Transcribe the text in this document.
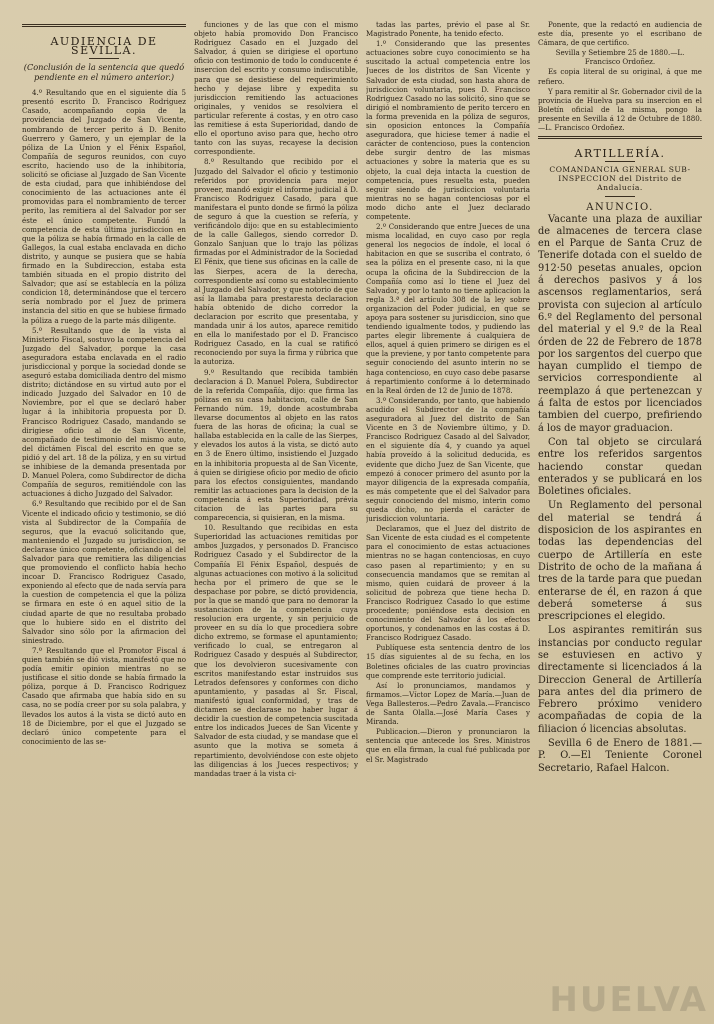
AUDIENCIA DE SEVILLA.
(Conclusión de la sentencia que quedó pendiente en el número anterior.)

4.º Resultando que en el siguiente día 5 presentó escrito D. Francisco Rodriguez Casado, acompañando copia de la providencia del Juzgado de San Vicente, nombrando de tercer perito á D. Benito Guerrero y Gamero, y un ejemplar de la póliza de La Union y el Fénix Español, Compañía de seguros reunidos, con cuyo escrito, haciendo uso de la inhibitoria, solicitó se oficiase al Juzgado de San Vicente de esta ciudad, para que inhibiéndose del conocimiento de las actuaciones ante él promovidas para el nombramiento de tercer perito, las remitiera al del Salvador por ser éste el único competente. Fundó la competencia de esta última jurisdiccion en que la póliza se había firmado en la calle de Gallegos, la cual estaba enclavada en dicho distrito, y aunque se pusiera que se había firmado en la Subdireccion, estaba esta también situada en el propio distrito del Salvador; que así se establecía en la póliza condicion 18, determinándose que el tercero sería nombrado por el Juez de primera instancia del sitio en que se hubiese firmado la póliza a ruego de la parte más diligente.

5.º Resultando que de la vista al Ministerio Fiscal, sostuvo la competencia del Juzgado del Salvador, porque la casa aseguradora estaba enclavada en el radio jurisdiccional y porque la sociedad donde se aseguró estaba domiciliada dentro del mismo distrito; dictándose en su virtud auto por el indicado Juzgado del Salvador en 10 de Noviembre, por el que se declaró haber lugar á la inhibitoria propuesta por D. Francisco Rodriguez Casado, mandando se dirigiese oficio al de San Vicente, acompañado de testimonio del mismo auto, del dictámen Fiscal del escrito en que se pidió y del art. 18 de la póliza, y en su virtud se inhibiese de la demanda presentada por D. Manuel Polera, como Subdirector de dicha Compañía de seguros, remitiéndole con las actuaciones á dicho Juzgado del Salvador.

6.º Resultando que recibido por el de San Vicente el indicado oficio y testimonio, se dió vista al Subdirector de la Compañía de seguros, que la evacuó solicitando que, manteniendo el Juzgado su jurisdiccion, se declarase único competente, oficiando al del Salvador para que remitiera las diligencias que promoviendo el conflicto había hecho incoar D. Francisco Rodriguez Casado, exponiendo al efecto que de nada servía para la cuestion de competencia el que la póliza se firmara en este ó en aquel sitio de la ciudad aparte de que no resultaba probado que lo hubiere sido en el distrito del Salvador sino sólo por la afirmacion del siniestrado.

7.º Resultando que el Promotor Fiscal á quien también se dió vista, manifestó que no podía emitir opinion mientras no se justificase el sitio donde se había firmado la póliza, porque á D. Francisco Rodriguez Casado que afirmaba que había sido en su casa, no se podía creer por su sola palabra, y llevados los autos á la vista se dictó auto en 18 de Diciembre, por el que el Juzgado se declaró único competente para el conocimiento de las se-

funciones y de las que con el mismo objeto había promovido Don Francisco Rodriguez Casado en el Juzgado del Salvador, á quien se dirigiese el oportuno oficio con testimonio de todo lo conducente é insercion del escrito y consumo indiscutible, para que se desistiese del requerimiento hecho y dejase libre y expedita su jurisdiccion remitiendo las actuaciones originales, y venidos se resolviera el particular referente á costas, y en otro caso las remitiese á esta Superioridad, dando de ello el oportuno aviso para que, hecho otro tanto con las suyas, recayese la decision correspondiente.

8.º Resultando que recibido por el Juzgado del Salvador el oficio y testimonio referidos por providencia para mejor proveer, mandó exigir el informe judicial á D. Francisco Rodriguez Casado, para que manifestara el punto donde se firmó la póliza de seguro á que la cuestion se refería, y verificándolo dijo: que en su establecimiento de la calle Gallegos, siendo corredor D. Gonzalo Sanjuan que lo trajo las pólizas firmadas por el Administrador de la Sociedad El Fénix, que tiene sus oficinas en la calle de las Sierpes, acera de la derecha, correspondiente así como su establecimiento al Juzgado del Salvador, y que notorio de que así la llamaba para prestaresta declaracion había obtenido de dicho corredor la declaracion por escrito que presentaba, y mandada unir á los autos, aparece remitido en ella lo manifestado por el D. Francisco Rodriguez Casado, en la cual se ratificó reconociendo por suya la firma y rúbrica que la autoriza.

9.º Resultando que recibida también declaracion á D. Manuel Polera, Subdirector de la referida Compañía, dijo: que firma las pólizas en su casa habitacion, calle de San Fernando núm. 19, donde acostumbraba llevarse documentos al objeto en las ratos fuera de las horas de oficina; la cual se hallaba establecida en la calle de las Sierpes, y elevados los autos á la vista, se dictó auto en 3 de Enero último, insistiendo el Juzgado en la inhibitoria propuesta al de San Vicente, á quien se dirigiese oficio por medio de oficio para los efectos consiguientes, mandando remitir las actuaciones para la decision de la competencia á esta Superioridad, prévia citacion de las partes para su comparecencia, si quisieran, en la misma.

10. Resultando que recibidas en esta Superioridad las actuaciones remitidas por ambos Juzgados, y personados D. Francisco Rodriguez Casado y el Subdirector de la Compañía El Fénix Español, después de algunas actuaciones con motivo á la solicitud hecha por el primero de que se le despachase por pobre, se dictó providencia, por la que se mandó que para no demorar la sustanciacion de la competencia cuya resolucion era urgente, y sin perjuicio de proveer en su día lo que procediera sobre dicho extremo, se formase el apuntamiento; verificado lo cual, se entregaron al Rodriguez Casado y después al Subdirector, que los devolvieron sucesivamente con escritos manifestando estar instruidos sus Letrados defensores y conformes con dicho apuntamiento, y pasadas al Sr. Fiscal, manifestó igual conformidad, y tras de dictamen se declarase no haber lugar á decidir la cuestion de competencia suscitada entre los indicados Jueces de San Vicente y Salvador de esta ciudad, y se mandase que el asunto que la motiva se someta á repartimiento, devolviéndose con este objeto las diligencias á los Jueces respectivos; y mandadas traer á la vista ci-

tadas las partes, prévio el pase al Sr. Magistrado Ponente, ha tenido efecto.

1.º Considerando que las presentes actuaciones sobre cuyo conocimiento se ha suscitado la actual competencia entre los Jueces de los distritos de San Vicente y Salvador de esta ciudad, son hasta ahora de jurisdiccion voluntaria, pues D. Francisco Rodriguez Casado no las solicitó, sino que se dirigió el nombramiento de perito tercero en la forma prevenida en la póliza de seguros, sin oposicion entonces la Compañía aseguradora, que hiciese temer á nadie el carácter de contencioso, pues la contencion debe surgir dentro de las mismas actuaciones y sobre la materia que es su objeto, la cual deja intacta la cuestion de competencia, pues resuelta esta, pueden seguir siendo de jurisdiccion voluntaria mientras no se hagan contenciosas por el modo dicho ante el Juez declarado competente.

2.º Considerando que entre Jueces de una misma localidad, en cuyo caso por regla general los negocios de índole, el local ó habitacion en que se suscriba el contrato, ó sea la póliza en el presente caso, ni la que ocupa la oficina de la Subdireccion de la Compañía como así lo tiene el Juez del Salvador, y por lo tanto no tiene aplicacion la regla 3.ª del artículo 308 de la ley sobre organizacion del Poder judicial, en que se apoya para sostener su jurisdiccion, sino que tendiendo igualmente todos, y pudiendo las partes elegir libremente á cualquiera de ellos, aquel á quien primero se dirigen es el que la previene, y por tanto competente para seguir conociendo del asunto interin no se haga contencioso, en cuyo caso debe pasarse á repartimiento conforme á lo determinado en la Real órden de 12 de Junio de 1878.

3.º Considerando, por tanto, que habiendo acudido el Subdirector de la compañía aseguradora al Juez del distrito de San Vicente en 3 de Noviembre último, y D. Francisco Rodriguez Casado al del Salvador, en el siguiente día 4, y cuando ya aquel había proveído á la solicitud deducida, es evidente que dicho Juez de San Vicente, que empezó á conocer primero del asunto por la mayor diligencia de la expresada compañía, es más competente que el del Salvador para seguir conociendo del mismo, interin como queda dicho, no pierda el carácter de jurisdiccion voluntaria.

Declaramos, que el Juez del distrito de San Vicente de esta ciudad es el competente para el conocimiento de estas actuaciones mientras no se hagan contenciosas, en cuyo caso pasen al repartimiento; y en su consecuencia mandamos que se remitan al mismo, quien cuidará de proveer á la solicitud de pobreza que tiene hecha D. Francisco Rodriguez Casado lo que estime procedente; poniéndose esta decision en conocimiento del Salvador á los efectos oportunos, y condenamos en las costas á D. Francisco Rodriguez Casado.

Publíquese esta sentencia dentro de los 15 días siguientes al de su fecha, en los Boletines oficiales de las cuatro provincias que comprende este territorio judicial.

Así lo pronunciamos, mandamos y firmamos.—Víctor Lopez de María.—Juan de Vega Ballesteros.—Pedro Zavala.—Francisco de Santa Olalla.—José María Cases y Miranda.

Publicacion.—Dieron y pronunciaron la sentencia que antecede los Sres. Ministros que en ella firman, la cual fué publicada por el Sr. Magistrado

Ponente, que la redactó en audiencia de este día, presente yo el escribano de Cámara, de que certifico.

Sevilla y Setiembre 25 de 1880.—L. Francisco Ordoñez.

Es copia literal de su original, á que me refiero.

Y para remitir al Sr. Gobernador civil de la provincia de Huelva para su insercion en el Boletín oficial de la misma, pongo la presente en Sevilla á 12 de Octubre de 1880.—L. Francisco Ordoñez.

ARTILLERÍA.
COMANDANCIA GENERAL SUB-INSPECCION del Distrito de Andalucía.
ANUNCIO.

Vacante una plaza de auxiliar de almacenes de tercera clase en el Parque de Santa Cruz de Tenerife dotada con el sueldo de 912·50 pesetas anuales, opcion á derechos pasivos y á los ascensos reglamentarios, será provista con sujecion al artículo 6.º del Reglamento del personal del material y el 9.º de la Real órden de 22 de Febrero de 1878 por los sargentos del cuerpo que hayan cumplido el tiempo de servicios correspondiente al reemplazo á que pertenezcan y á falta de estos por licenciados tambien del cuerpo, prefiriendo á los de mayor graduacion.

Con tal objeto se circulará entre los referidos sargentos haciendo constar quedan enterados y se publicará en los Boletines oficiales.

Un Reglamento del personal del material se tendrá á disposicion de los aspirantes en todas las dependencias del cuerpo de Artillería en este Distrito de ocho de la mañana á tres de la tarde para que puedan enterarse de él, en razon á que deberá someterse á sus prescripciones el elegido.

Los aspirantes remitirán sus instancias por conducto regular se estuviesen en activo y directamente si licenciados á la Direccion General de Artillería para antes del dia primero de Febrero próximo venidero acompañadas de copia de la filiacion ó licencias absolutas.

Sevilla 6 de Enero de 1881.—P. O.—El Teniente Coronel Secretario, Rafael Halcon.

HUELVA
